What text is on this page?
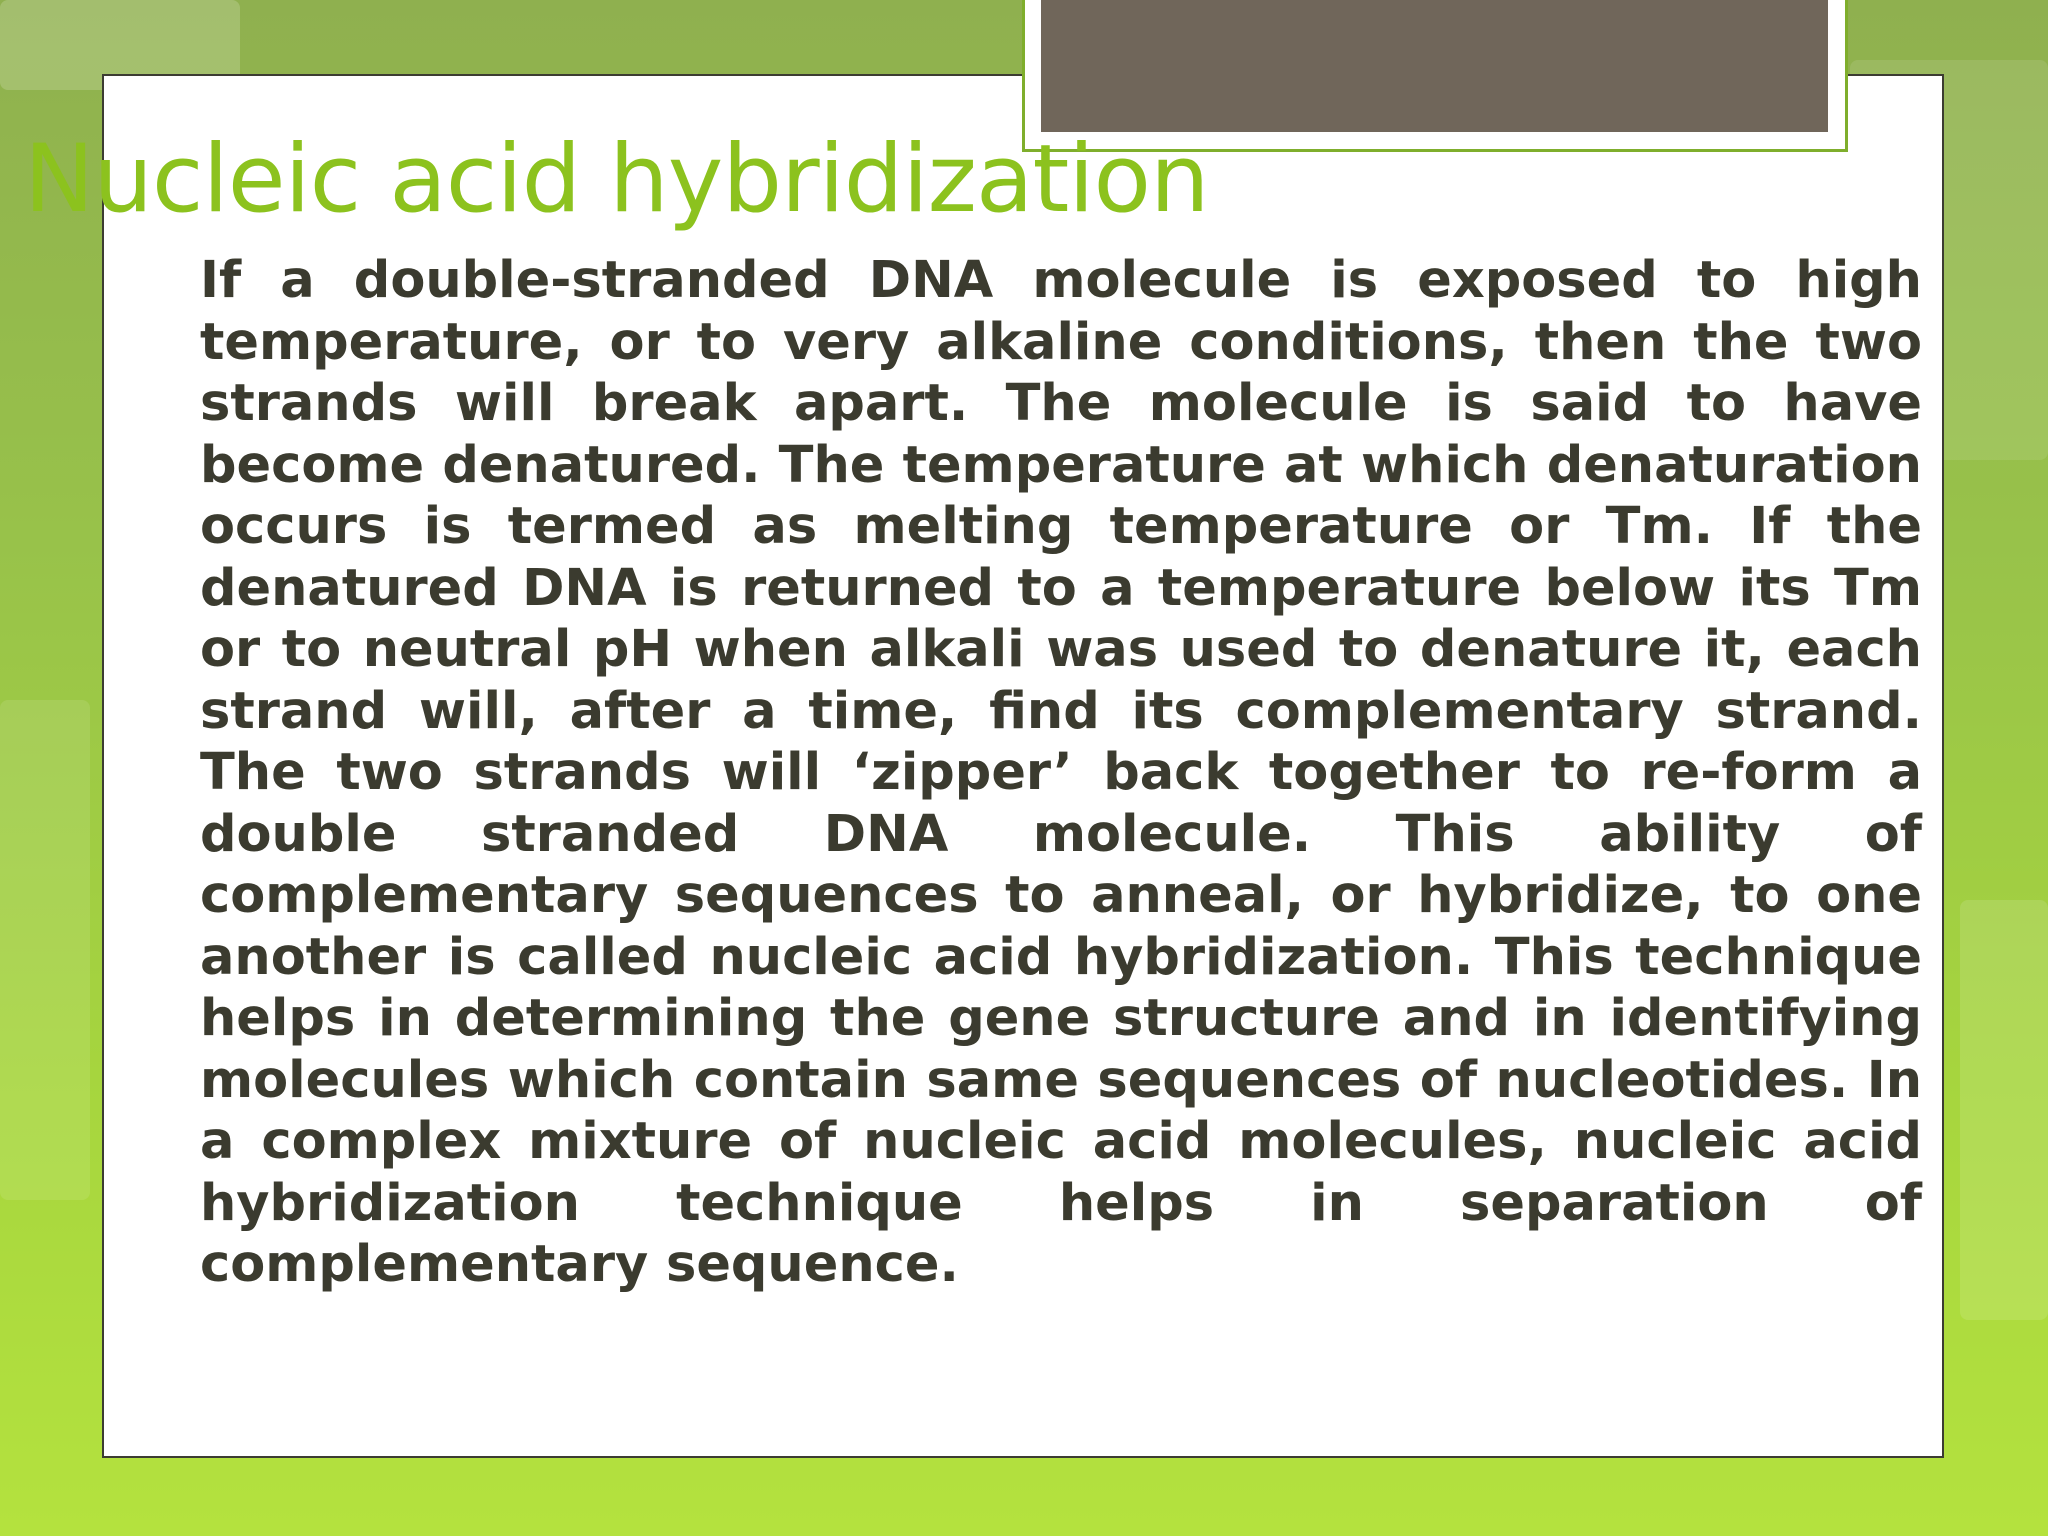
Nucleic acid hybridization

If a double-stranded DNA molecule is exposed to high temperature, or to very alkaline conditions, then the two strands will break apart. The molecule is said to have become denatured. The temperature at which denaturation occurs is termed as melting temperature or Tm. If the denatured DNA is returned to a temperature below its Tm or to neutral pH when alkali was used to denature it, each strand will, after a time, find its complementary strand. The two strands will ‘zipper’ back together to re-form a double stranded DNA molecule. This ability of complementary sequences to anneal, or hybridize, to one another is called nucleic acid hybridization. This technique helps in determining the gene structure and in identifying molecules which contain same sequences of nucleotides. In a complex mixture of nucleic acid molecules, nucleic acid hybridization technique helps in separation of complementary sequence.
